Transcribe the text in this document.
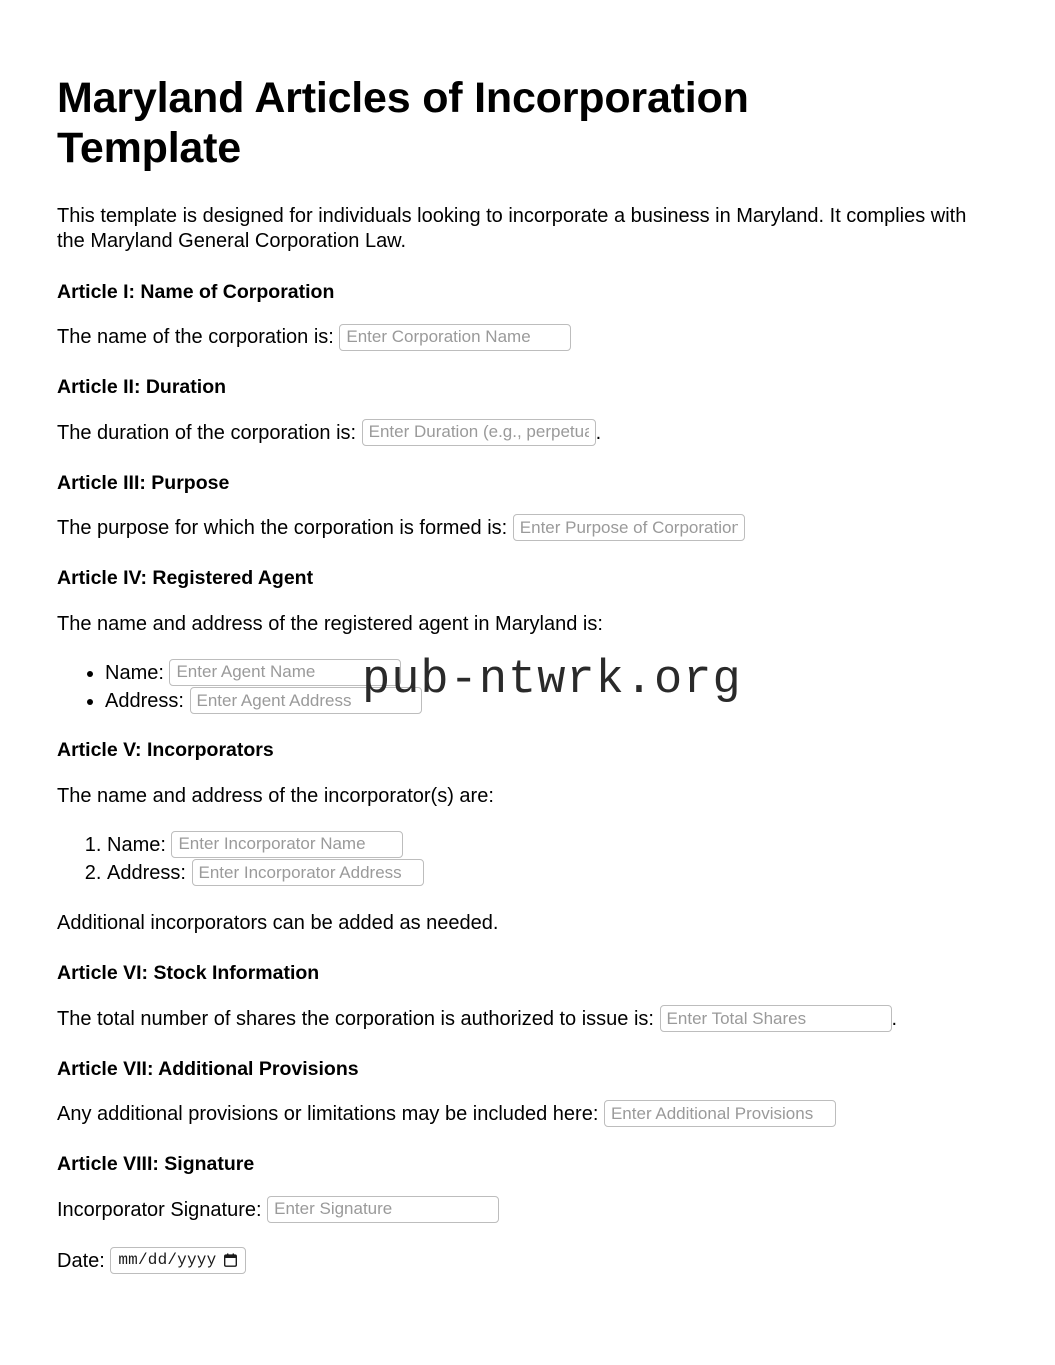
Maryland Articles of Incorporation Template

This template is designed for individuals looking to incorporate a business in Maryland. It complies with the Maryland General Corporation Law.

Article I: Name of Corporation

The name of the corporation is: Enter Corporation Name

Article II: Duration

The duration of the corporation is: Enter Duration (e.g., perpetual)	.

Article III: Purpose

The purpose for which the corporation is formed is: Enter Purpose of Corporation

Article IV: Registered Agent

The name and address of the registered agent in Maryland is:

• Name: Enter Agent Name
• Address: Enter Agent Address
Article V: Incorporators

The name and address of the incorporator(s) are:

1. Name: Enter Incorporator Name
2. Address: Enter Incorporator Address

Additional incorporators can be added as needed.

Article VI: Stock Information

The total number of shares the corporation is authorized to issue is: Enter Total Shares	.

Article VII: Additional Provisions

Any additional provisions or limitations may be included here: Enter Additional Provisions

Article VIII: Signature

Incorporator Signature: Enter Signature

Date: mm/dd/yyyy

pub-ntwrk.org
